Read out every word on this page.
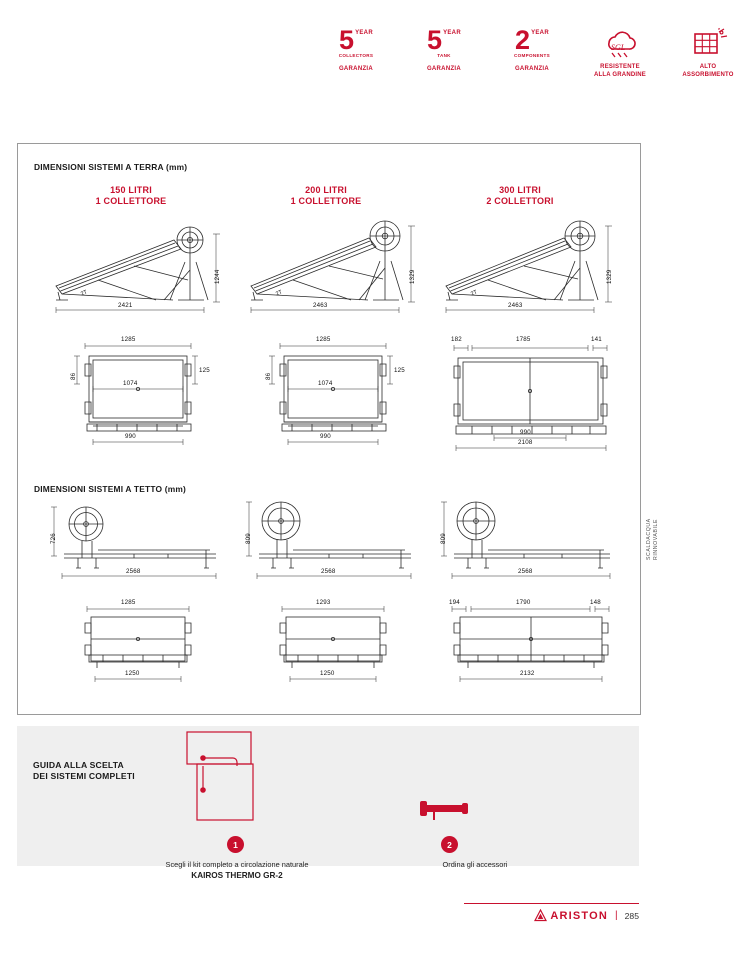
5 YEAR
COLLECTORS
GARANZIA
5 YEAR
TANK
GARANZIA
2 YEAR
COMPONENTS
GARANZIA
SGL
RESISTENTE
ALLA GRANDINE
ALTO
ASSORBIMENTO
DIMENSIONI SISTEMI A TERRA (mm)
150 LITRI
1 COLLETTORE
200 LITRI
1 COLLETTORE
300 LITRI
2 COLLETTORI
1244
2421
2T
1329
2463
2T
1329
2463
2T
1285
1074
990
86
125
1285
1074
990
86
125
182	1785	141
990
2108
DIMENSIONI SISTEMI A TETTO (mm)
726
2568
809
2568
809
2568
1285
1250
1293
1250
194	1790	148
2132
SCALDACQUA
RINNOVABILE
GUIDA ALLA SCELTA
DEI SISTEMI COMPLETI
1	2
Scegli il kit completo a circolazione naturale
KAIROS THERMO GR-2
Ordina gli accessori
ARISTON | 285
